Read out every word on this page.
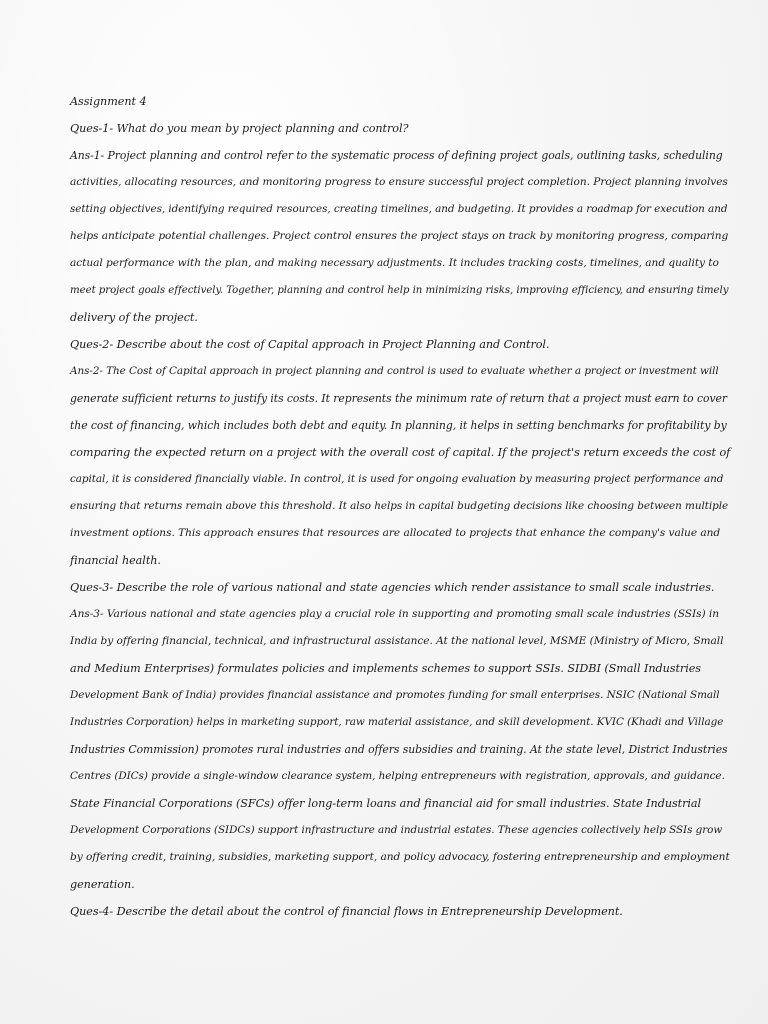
Assignment 4
Ques-1- What do you mean by project planning and control?
Ans-1- Project planning and control refer to the systematic process of defining project goals, outlining tasks, scheduling
activities, allocating resources, and monitoring progress to ensure successful project completion. Project planning involves
setting objectives, identifying required resources, creating timelines, and budgeting. It provides a roadmap for execution and
helps anticipate potential challenges. Project control ensures the project stays on track by monitoring progress, comparing
actual performance with the plan, and making necessary adjustments. It includes tracking costs, timelines, and quality to
meet project goals effectively. Together, planning and control help in minimizing risks, improving efficiency, and ensuring timely
delivery of the project.
Ques-2- Describe about the cost of Capital approach in Project Planning and Control.
Ans-2- The Cost of Capital approach in project planning and control is used to evaluate whether a project or investment will
generate sufficient returns to justify its costs. It represents the minimum rate of return that a project must earn to cover
the cost of financing, which includes both debt and equity. In planning, it helps in setting benchmarks for profitability by
comparing the expected return on a project with the overall cost of capital. If the project's return exceeds the cost of
capital, it is considered financially viable. In control, it is used for ongoing evaluation by measuring project performance and
ensuring that returns remain above this threshold. It also helps in capital budgeting decisions like choosing between multiple
investment options. This approach ensures that resources are allocated to projects that enhance the company's value and
financial health.
Ques-3- Describe the role of various national and state agencies which render assistance to small scale industries.
Ans-3- Various national and state agencies play a crucial role in supporting and promoting small scale industries (SSIs) in
India by offering financial, technical, and infrastructural assistance. At the national level, MSME (Ministry of Micro, Small
and Medium Enterprises) formulates policies and implements schemes to support SSIs. SIDBI (Small Industries
Development Bank of India) provides financial assistance and promotes funding for small enterprises. NSIC (National Small
Industries Corporation) helps in marketing support, raw material assistance, and skill development. KVIC (Khadi and Village
Industries Commission) promotes rural industries and offers subsidies and training. At the state level, District Industries
Centres (DICs) provide a single-window clearance system, helping entrepreneurs with registration, approvals, and guidance.
State Financial Corporations (SFCs) offer long-term loans and financial aid for small industries. State Industrial
Development Corporations (SIDCs) support infrastructure and industrial estates. These agencies collectively help SSIs grow
by offering credit, training, subsidies, marketing support, and policy advocacy, fostering entrepreneurship and employment
generation.
Ques-4- Describe the detail about the control of financial flows in Entrepreneurship Development.
